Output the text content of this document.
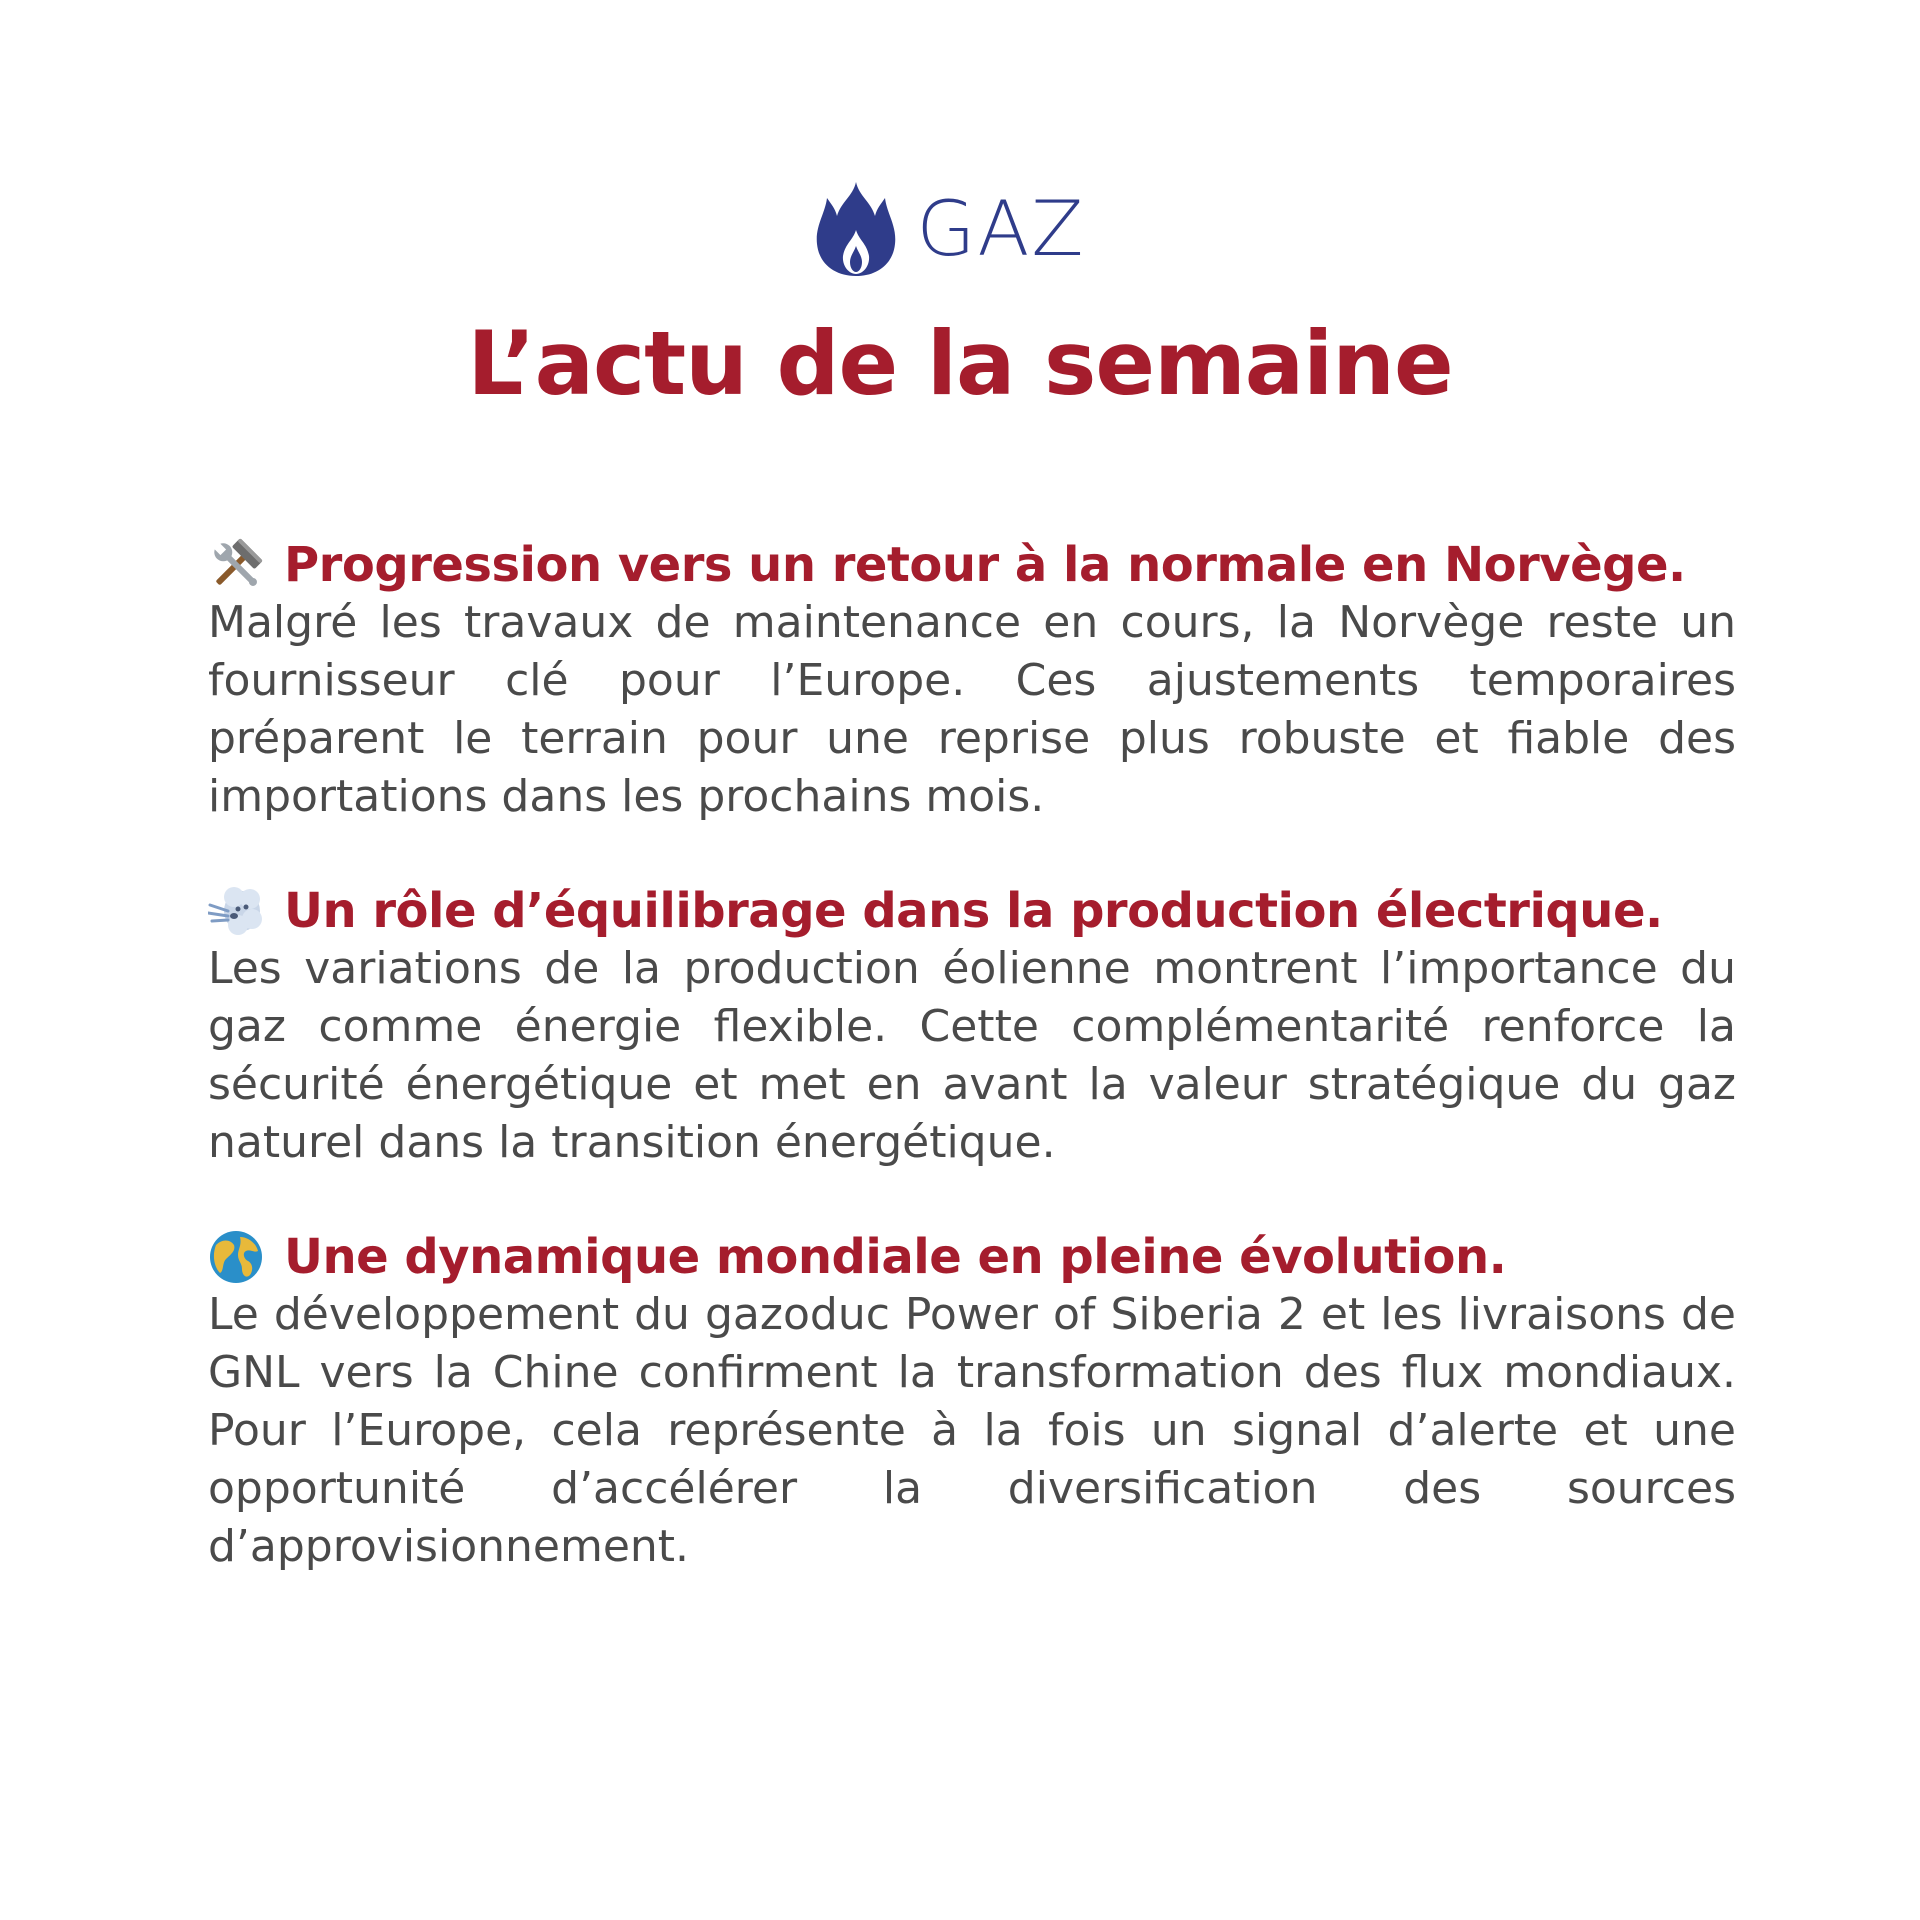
GAZ
L’actu de la semaine
Progression vers un retour à la normale en Norvège.

Malgré les travaux de maintenance en cours, la Norvège reste un fournisseur clé pour l’Europe. Ces ajustements temporaires préparent le terrain pour une reprise plus robuste et fiable des importations dans les prochains mois.

Un rôle d’équilibrage dans la production électrique.

Les variations de la production éolienne montrent l’importance du gaz comme énergie flexible. Cette complémentarité renforce la sécurité énergétique et met en avant la valeur stratégique du gaz naturel dans la transition énergétique.

Une dynamique mondiale en pleine évolution.

Le développement du gazoduc Power of Siberia 2 et les livraisons de GNL vers la Chine confirment la transformation des flux mondiaux. Pour l’Europe, cela représente à la fois un signal d’alerte et une opportunité d’accélérer la diversification des sources d’approvisionnement.
